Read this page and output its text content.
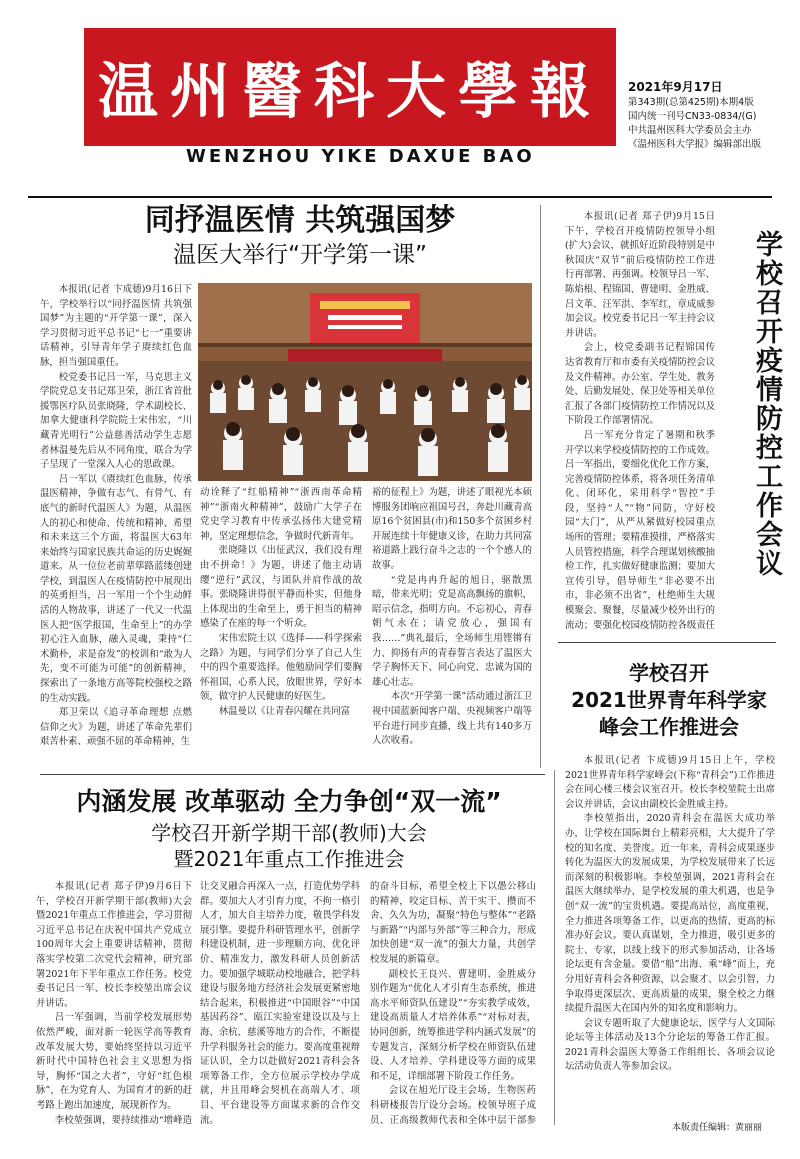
温州醫科大學報
WENZHOU YIKE DAXUE BAO
2021年9月17日
第343期(总第425期)本期4版
国内统一刊号CN33-0834/(G)
中共温州医科大学委员会主办
《温州医科大学报》编辑部出版
同抒温医情 共筑强国梦
温医大举行“开学第一课”

本报讯(记者 卞成德)9月16日下午，学校举行以“同抒温医情 共筑强国梦”为主题的“开学第一课”，深入学习贯彻习近平总书记“七一”重要讲话精神，引导青年学子赓续红色血脉，担当强国重任。

校党委书记吕一军，马克思主义学院党总支书记郑卫荣，浙江省首批援鄂医疗队员张晓隆，学术副校长、加拿大健康科学院院士宋伟宏，“川藏青光明行”公益慈善活动学生志愿者林温曼先后从不同角度，联合为学子呈现了一堂深入人心的思政课。

吕一军以《赓续红色血脉，传承温医精神，争做有志气、有骨气、有底气的新时代温医人》为题，从温医人的初心和使命、传统和精神、希望和未来这三个方面，将温医大63年来始终与国家民族共命运的历史娓娓道来。从一位位老前辈筚路蓝缕创建学校，到温医人在疫情防控中展现出的英勇担当，吕一军用一个个生动鲜活的人物故事，讲述了一代又一代温医人把“医学报国，生命至上”的办学初心注入血脉，融入灵魂，秉持“仁术勤朴，求是奋发”的校训和“敢为人先，变不可能为可能”的创新精神，探索出了一条地方高等院校强校之路的生动实践。

郑卫荣以《追寻革命理想 点燃信仰之火》为题，讲述了革命先辈们艰苦朴素、顽强不屈的革命精神，生

动诠释了“红船精神”“浙西南革命精神”“浙南火种精神”，鼓励广大学子在党史学习教育中传承弘扬伟大建党精神，坚定理想信念，争做时代新青年。

张晓隆以《出征武汉，我们没有理由不拼命！》为题，讲述了他主动请缨“逆行”武汉，与团队并肩作战的故事。张晓隆讲得很平静而朴实，但他身上体现出的生命至上，勇于担当的精神感染了在座的每一个听众。

宋伟宏院士以《选择——科学探索之路》为题，与同学们分享了自己人生中的四个重要选择。他勉励同学们要胸怀祖国，心系人民，放眼世界，学好本领，做守护人民健康的好医生。

林温曼以《让青春闪耀在共同富

裕的征程上》为题，讲述了眼视光本硕博服务团响应祖国号召，奔赴川藏青高原16个贫困县(市)和150多个贫困乡村开展连续十年健康义诊，在助力共同富裕道路上践行奋斗之志的一个个感人的故事。

“党是冉冉升起的旭日，驱散黑暗，带来光明；党是高高飘扬的旗帜，昭示信念，指明方向。不忘初心，青春朝气永在；请党放心，强国有我……”典礼最后，全场师生用铿锵有力、抑扬有声的青春誓言表达了温医大学子胸怀天下、同心向党、忠诚为国的雄心壮志。

本次“开学第一课”活动通过浙江卫视中国蓝新闻客户端、央视频客户端等平台进行同步直播，线上共有140多万人次收看。

本报讯(记者 郑子伊)9月15日下午，学校召开疫情防控领导小组(扩大)会议，就抓好近阶段特别是中秋国庆“双节”前后疫情防控工作进行再部署、再强调。校领导吕一军、陈焰根、程锦国、曹建明、金胜威、吕文革、汪军洪、李军红，章成威参加会议。校党委书记吕一军主持会议并讲话。

会上，校党委副书记程锦国传达省教育厅和市委有关疫情防控会议及文件精神。办公室、学生处、教务处、后勤发展处、保卫处等相关单位汇报了各部门疫情防控工作情况以及下阶段工作部署情况。

吕一军充分肯定了暑期和秋季开学以来学校疫情防控的工作成效。吕一军指出，要细化优化工作方案，完善疫情防控体系，将各项任务清单化、闭环化，采用科学“智控”手段，坚持“人”“物”同防，守好校园“大门”，从严从紧做好校园重点场所的管理；要精准摸排，严格落实人员管控措施，科学合理谋划核酸抽检工作，扎实做好健康监测；要加大宣传引导，倡导师生“非必要不出市，非必须不出省”，杜绝师生大规模聚会、聚餐，尽量减少校外出行的流动；要强化校园疫情防控各级责任

学校召开疫情防控工作会议
学校召开
2021世界青年科学家
峰会工作推进会

本报讯(记者 卞成德)9月15日上午，学校2021世界青年科学家峰会(下称“青科会”)工作推进会在同心楼三楼会议室召开。校长李校堃院士出席会议并讲话，会议由副校长金胜威主持。

李校堃指出，2020青科会在温医大成功举办，让学校在国际舞台上精彩亮相，大大提升了学校的知名度、美誉度。近一年来，青科会成果逐步转化为温医大的发展成果，为学校发展带来了长远而深刻的积极影响。李校堃强调，2021青科会在温医大继续举办，是学校发展的重大机遇，也是争创“双一流”的宝贵机遇。要提高站位，高度重视，全力推进各项筹备工作，以更高的热情、更高的标准办好会议。要认真谋划，全力推进，吸引更多的院士、专家，以线上线下的形式参加活动，让各场论坛更有含金量。要借“船”出海、乘“峰”而上，充分用好青科会各种资源，以会聚才、以会引智，力争取得更深层次、更高质量的成果，聚全校之力继续提升温医大在国内外的知名度和影响力。

会议专题听取了大健康论坛、医学与人文国际论坛等主体活动及13个分论坛的筹备工作汇报。2021青科会温医大筹备工作组组长、各项会议论坛活动负责人等参加会议。

内涵发展 改革驱动 全力争创“双一流”
学校召开新学期干部(教师)大会
暨2021年重点工作推进会

本报讯(记者 郑子伊)9月6日下午，学校召开新学期干部(教师)大会暨2021年重点工作推进会，学习贯彻习近平总书记在庆祝中国共产党成立100周年大会上重要讲话精神，贯彻落实学校第二次党代会精神，研究部署2021年下半年重点工作任务。校党委书记吕一军、校长李校堃出席会议并讲话。

吕一军强调，当前学校发展形势依然严峻，面对新一轮医学高等教育改革发展大势，要始终坚持以习近平新时代中国特色社会主义思想为指导，胸怀“国之大者”，守好“红色根脉”，在为党育人、为国育才的新的赶考路上跑出加速度，展现新作为。

李校堃强调，要持续推动“增峰造

让交叉融合再深入一点，打造优势学科群。要加大人才引育力度，不拘一格引人才，加大自主培养力度，敬畏学科发展引擎。要提升科研管理水平，创新学科建设机制，进一步理顺方向、优化评价、精准发力，激发科研人员创新活力。要加强学城联动校地融合，把学科建设与服务地方经济社会发展更紧密地结合起来，积极推进“中国眼谷”“中国基因药谷”、瓯江实验室建设以及与上海、余杭、慈溪等地方的合作，不断提升学科服务社会的能力。要高度重视辩证认识，全力以赴做好2021青科会各项筹备工作，全方位展示学校办学成就，并且用峰会契机在高端人才、项目、平台建设等方面谋求新的合作交流。

的奋斗目标，希望全校上下以愚公移山的精神，咬定目标、苦干实干、攒而不舍、久久为功，凝聚“特色与整体”“老路与新路”“内部与外部”等三种合力，形成加快创建“双一流”的强大力量，共创学校发展的新篇章。

副校长王良兴、曹建明、金胜威分别作题为“优化人才引育生态系统，推进高水平师资队伍建设”“夯实教学成效，建设高质量人才培养体系”“对标对表，协同创新，统筹推进学科内涵式发展”的专题发言，深刻分析学校在师资队伍建设、人才培养、学科建设等方面的成果和不足，详细部署下阶段工作任务。

会议在旭光厅设主会场，生物医药科研楼报告厅设分会场。校领导班子成员、正高级教师代表和全体中层干部参

本版责任编辑：黄丽丽
